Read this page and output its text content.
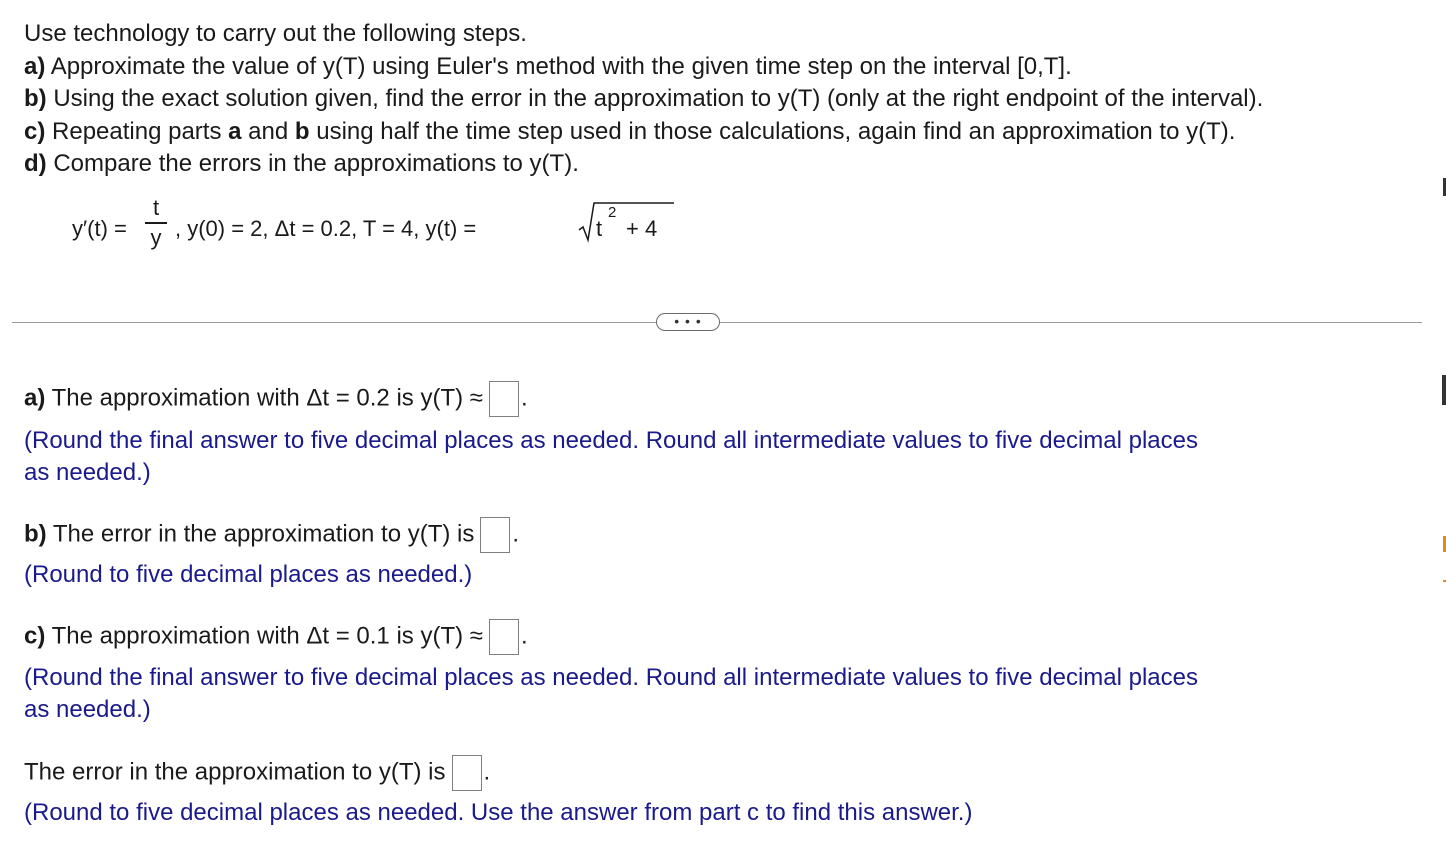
Use technology to carry out the following steps.
a) Approximate the value of y(T) using Euler's method with the given time step on the interval [0,T].
b) Using the exact solution given, find the error in the approximation to y(T) (only at the right endpoint of the interval).
c) Repeating parts a and b using half the time step used in those calculations, again find an approximation to y(T).
d) Compare the errors in the approximations to y(T).
y′(t) =
t
y , y(0) = 2, Δt = 0.2, T = 4, y(t) =	t
2
+ 4
• • •
a) The approximation with Δt = 0.2 is y(T) ≈ .
(Round the final answer to five decimal places as needed. Round all intermediate values to five decimal places
as needed.)
b) The error in the approximation to y(T) is .
(Round to five decimal places as needed.)
c) The approximation with Δt = 0.1 is y(T) ≈ .
(Round the final answer to five decimal places as needed. Round all intermediate values to five decimal places
as needed.)
The error in the approximation to y(T) is .
(Round to five decimal places as needed. Use the answer from part c to find this answer.)
